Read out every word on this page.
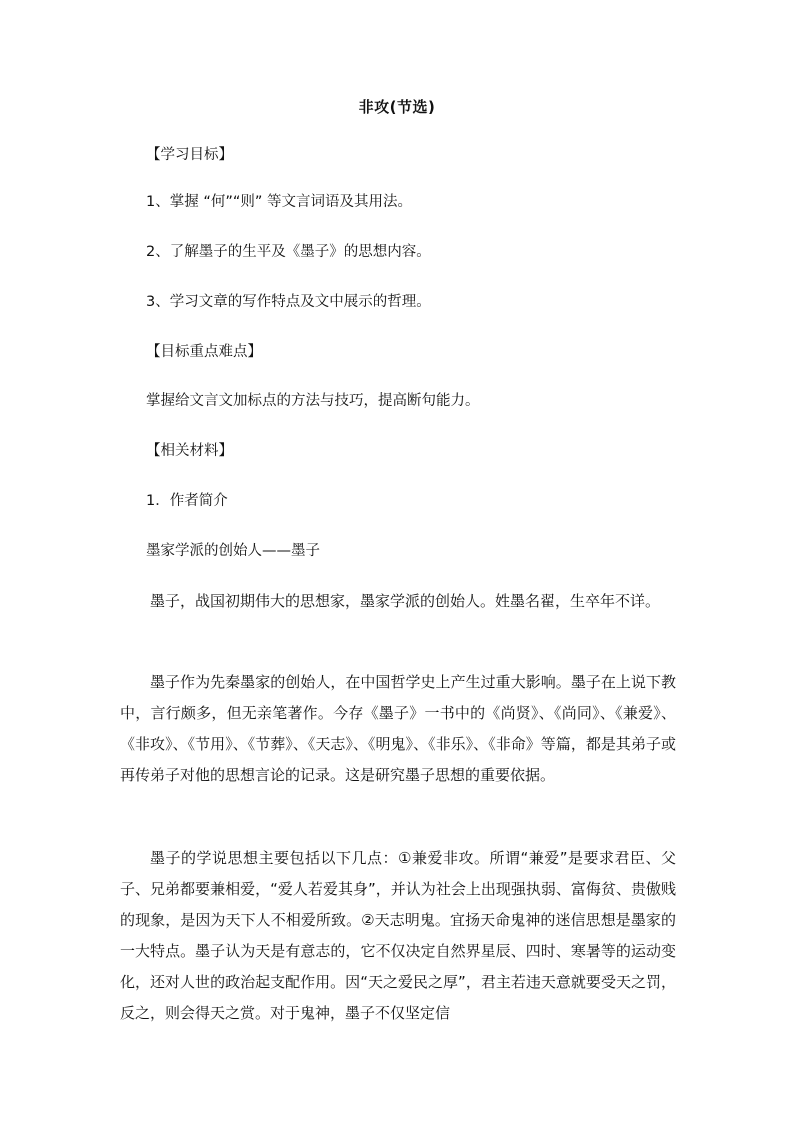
非攻(节选)
【学习目标】
1、掌握 “何”“则” 等文言词语及其用法。
2、了解墨子的生平及《墨子》的思想内容。
3、学习文章的写作特点及文中展示的哲理。
【目标重点难点】
掌握给文言文加标点的方法与技巧，提高断句能力。
【相关材料】
1．作者简介
墨家学派的创始人——墨子
墨子，战国初期伟大的思想家，墨家学派的创始人。姓墨名翟，生卒年不详。
墨子作为先秦墨家的创始人，在中国哲学史上产生过重大影响。墨子在上说下教中，言行颇多，但无亲笔著作。今存《墨子》一书中的《尚贤》、《尚同》、《兼爱》、《非攻》、《节用》、《节葬》、《天志》、《明鬼》、《非乐》、《非命》等篇，都是其弟子或再传弟子对他的思想言论的记录。这是研究墨子思想的重要依据。
墨子的学说思想主要包括以下几点：①兼爱非攻。所谓“兼爱”是要求君臣、父子、兄弟都要兼相爱，“爱人若爱其身”，并认为社会上出现强执弱、富侮贫、贵傲贱的现象，是因为天下人不相爱所致。②天志明鬼。宜扬天命鬼神的迷信思想是墨家的一大特点。墨子认为天是有意志的，它不仅决定自然界星辰、四时、寒暑等的运动变化，还对人世的政治起支配作用。因“天之爱民之厚”，君主若违天意就要受天之罚，反之，则会得天之赏。对于鬼神，墨子不仅坚定信
